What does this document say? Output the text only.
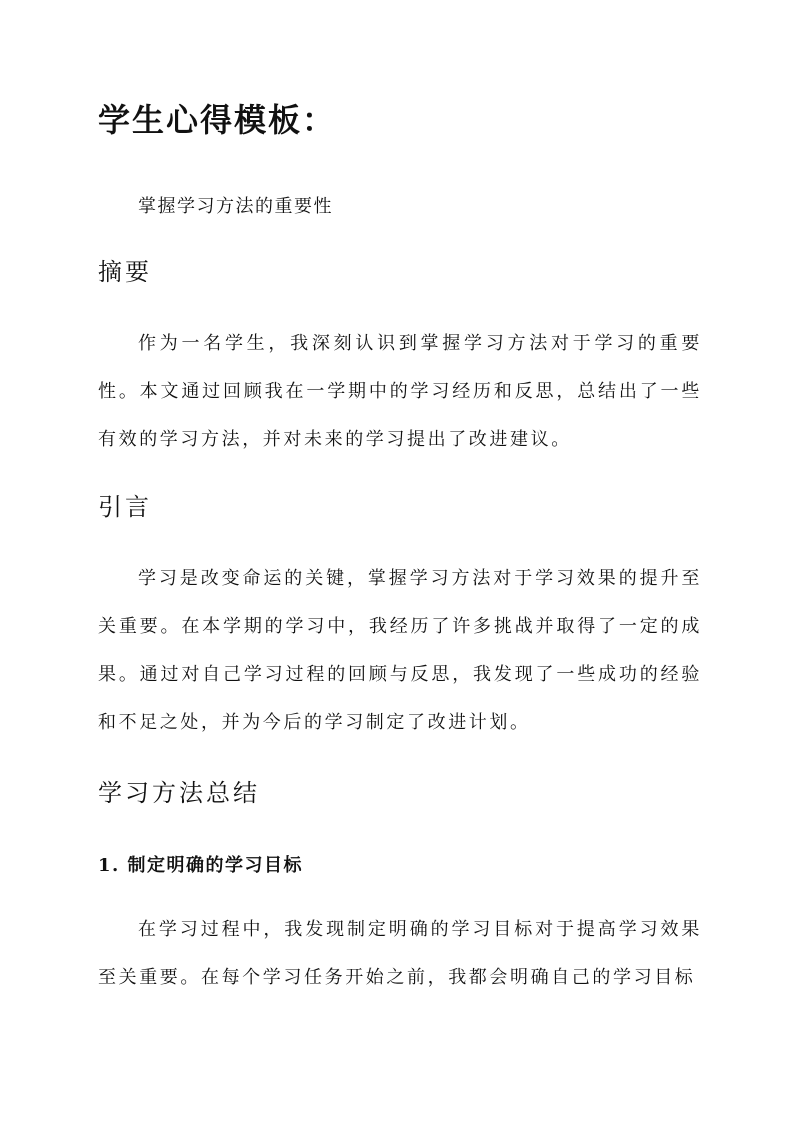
学生心得模板：

掌握学习方法的重要性

摘要

作为一名学生，我深刻认识到掌握学习方法对于学习的重要性。本文通过回顾我在一学期中的学习经历和反思，总结出了一些有效的学习方法，并对未来的学习提出了改进建议。

引言

学习是改变命运的关键，掌握学习方法对于学习效果的提升至关重要。在本学期的学习中，我经历了许多挑战并取得了一定的成果。通过对自己学习过程的回顾与反思，我发现了一些成功的经验和不足之处，并为今后的学习制定了改进计划。

学习方法总结
1. 制定明确的学习目标

在学习过程中，我发现制定明确的学习目标对于提高学习效果至关重要。在每个学习任务开始之前，我都会明确自己的学习目标
